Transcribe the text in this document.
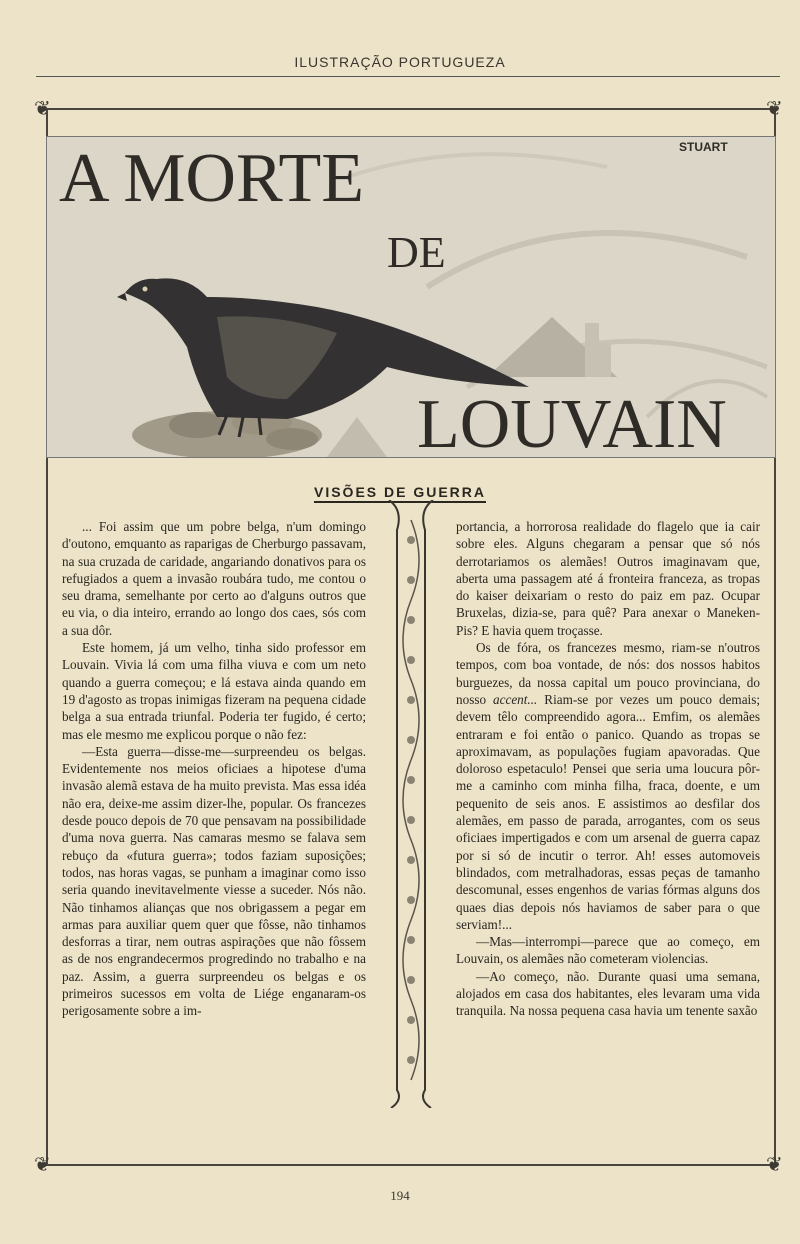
ILUSTRAÇÃO PORTUGUEZA
❦	❦
❦	❦
A MORTE
DE
LOUVAIN
STUART
VISÕES DE GUERRA

... Foi assim que um pobre belga, n'um domingo d'outono, emquanto as raparigas de Cherburgo passavam, na sua cruzada de caridade, angariando donativos para os refugiados a quem a invasão roubára tudo, me contou o seu drama, semelhante por certo ao d'alguns outros que eu via, o dia inteiro, errando ao longo dos caes, sós com a sua dôr.

Este homem, já um velho, tinha sido professor em Louvain. Vivia lá com uma filha viuva e com um neto quando a guerra começou; e lá estava ainda quando em 19 d'agosto as tropas inimigas fizeram na pequena cidade belga a sua entrada triunfal. Poderia ter fugido, é certo; mas ele mesmo me explicou porque o não fez:

—Esta guerra—disse-me—surpreendeu os belgas. Evidentemente nos meios oficiaes a hipotese d'uma invasão alemã estava de ha muito prevista. Mas essa idéa não era, deixe-me assim dizer-lhe, popular. Os francezes desde pouco depois de 70 que pensavam na possibilidade d'uma nova guerra. Nas camaras mesmo se falava sem rebuço da «futura guerra»; todos faziam suposições; todos, nas horas vagas, se punham a imaginar como isso seria quando inevitavelmente viesse a suceder. Nós não. Não tinhamos alianças que nos obrigassem a pegar em armas para auxiliar quem quer que fôsse, não tinhamos desforras a tirar, nem outras aspirações que não fôssem as de nos engrandecermos progredindo no trabalho e na paz. Assim, a guerra surpreendeu os belgas e os primeiros sucessos em volta de Liége enganaram-os perigosamente sobre a im-

portancia, a horrorosa realidade do flagelo que ia cair sobre eles. Alguns chegaram a pensar que só nós derrotariamos os alemães! Outros imaginavam que, aberta uma passagem até á fronteira franceza, as tropas do kaiser deixariam o resto do paiz em paz. Ocupar Bruxelas, dizia-se, para quê? Para anexar o Maneken-Pis? E havia quem troçasse.

Os de fóra, os francezes mesmo, riam-se n'outros tempos, com boa vontade, de nós: dos nossos habitos burguezes, da nossa capital um pouco provinciana, do nosso accent... Riam-se por vezes um pouco demais; devem têlo compreendido agora... Emfim, os alemães entraram e foi então o panico. Quando as tropas se aproximavam, as populações fugiam apavoradas. Que doloroso espetaculo! Pensei que seria uma loucura pôr-me a caminho com minha filha, fraca, doente, e um pequenito de seis anos. E assistimos ao desfilar dos alemães, em passo de parada, arrogantes, com os seus oficiaes impertigados e com um arsenal de guerra capaz por si só de incutir o terror. Ah! esses automoveis blindados, com metralhadoras, essas peças de tamanho descomunal, esses engenhos de varias fórmas alguns dos quaes dias depois nós haviamos de saber para o que serviam!...

—Mas—interrompi—parece que ao começo, em Louvain, os alemães não cometeram violencias.

—Ao começo, não. Durante quasi uma semana, alojados em casa dos habitantes, eles levaram uma vida tranquila. Na nossa pequena casa havia um tenente saxão

194
